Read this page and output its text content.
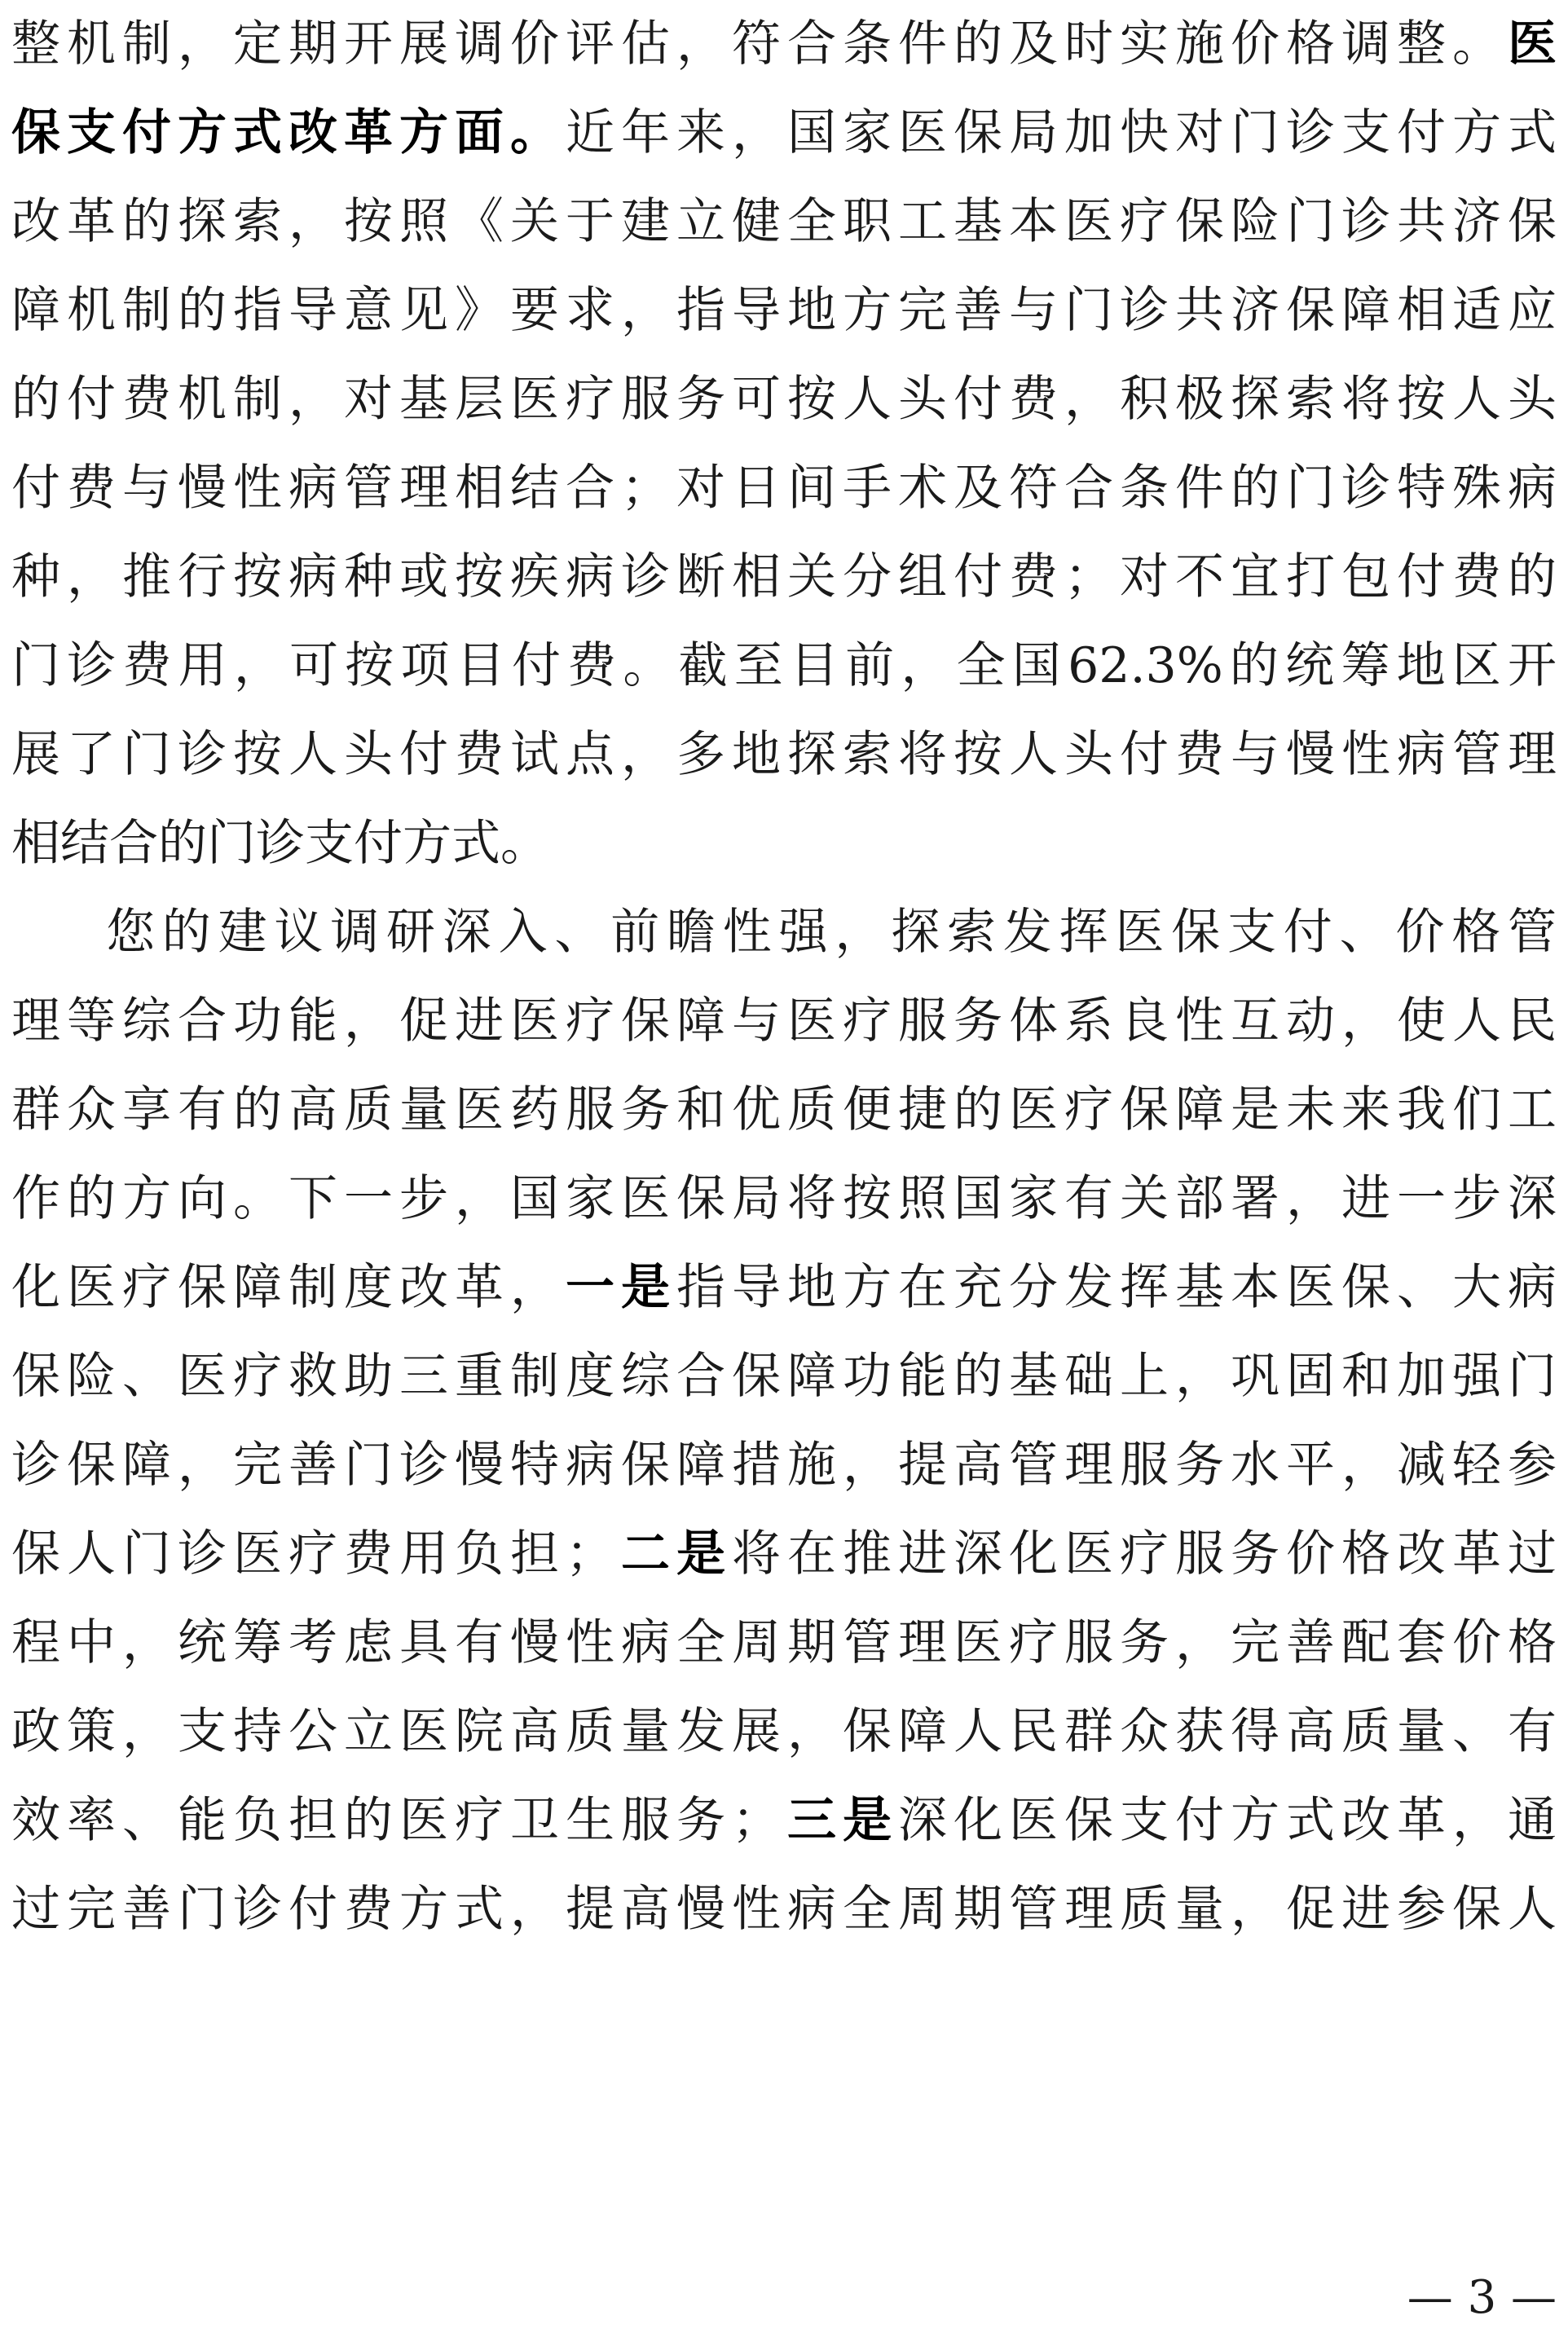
整机制，定期开展调价评估，符合条件的及时实施价格调整。医
保支付方式改革方面。近年来，国家医保局加快对门诊支付方式
改革的探索，按照《关于建立健全职工基本医疗保险门诊共济保
障机制的指导意见》要求，指导地方完善与门诊共济保障相适应
的付费机制，对基层医疗服务可按人头付费，积极探索将按人头
付费与慢性病管理相结合；对日间手术及符合条件的门诊特殊病
种，推行按病种或按疾病诊断相关分组付费；对不宜打包付费的
门诊费用，可按项目付费。截至目前，全国62.3%的统筹地区开
展了门诊按人头付费试点，多地探索将按人头付费与慢性病管理
相结合的门诊支付方式。
您的建议调研深入、前瞻性强，探索发挥医保支付、价格管
理等综合功能，促进医疗保障与医疗服务体系良性互动，使人民
群众享有的高质量医药服务和优质便捷的医疗保障是未来我们工
作的方向。下一步，国家医保局将按照国家有关部署，进一步深
化医疗保障制度改革，一是指导地方在充分发挥基本医保、大病
保险、医疗救助三重制度综合保障功能的基础上，巩固和加强门
诊保障，完善门诊慢特病保障措施，提高管理服务水平，减轻参
保人门诊医疗费用负担；二是将在推进深化医疗服务价格改革过
程中，统筹考虑具有慢性病全周期管理医疗服务，完善配套价格
政策，支持公立医院高质量发展，保障人民群众获得高质量、有
效率、能负担的医疗卫生服务；三是深化医保支付方式改革，通
过完善门诊付费方式，提高慢性病全周期管理质量，促进参保人
— 3 —
